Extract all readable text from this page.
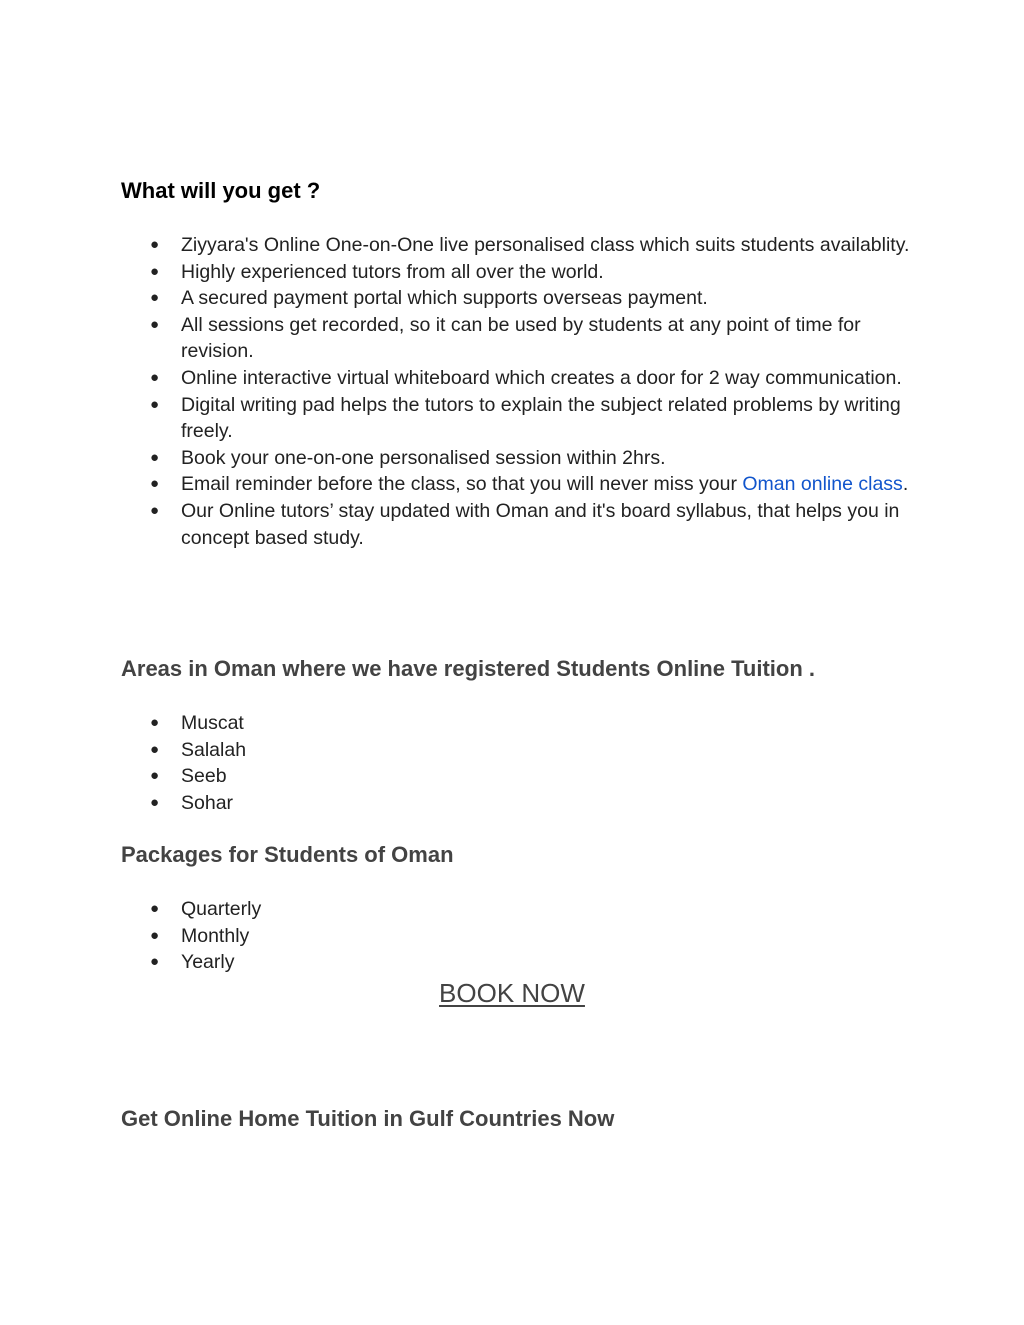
What will you get ?
● Ziyyara's Online One-on-One live personalised class which suits students availablity.
● Highly experienced tutors from all over the world.
● A secured payment portal which supports overseas payment.
● All sessions get recorded, so it can be used by students at any point of time for revision.
● Online interactive virtual whiteboard which creates a door for 2 way communication.
● Digital writing pad helps the tutors to explain the subject related problems by writing freely.
● Book your one-on-one personalised session within 2hrs.
● Email reminder before the class, so that you will never miss your Oman online class.
● Our Online tutors’ stay updated with Oman and it's board syllabus, that helps you in concept based study.
Areas in Oman where we have registered Students Online Tuition .
● Muscat
● Salalah
● Seeb
● Sohar
Packages for Students of Oman
● Quarterly
● Monthly
● Yearly

BOOK NOW

Get Online Home Tuition in Gulf Countries Now
